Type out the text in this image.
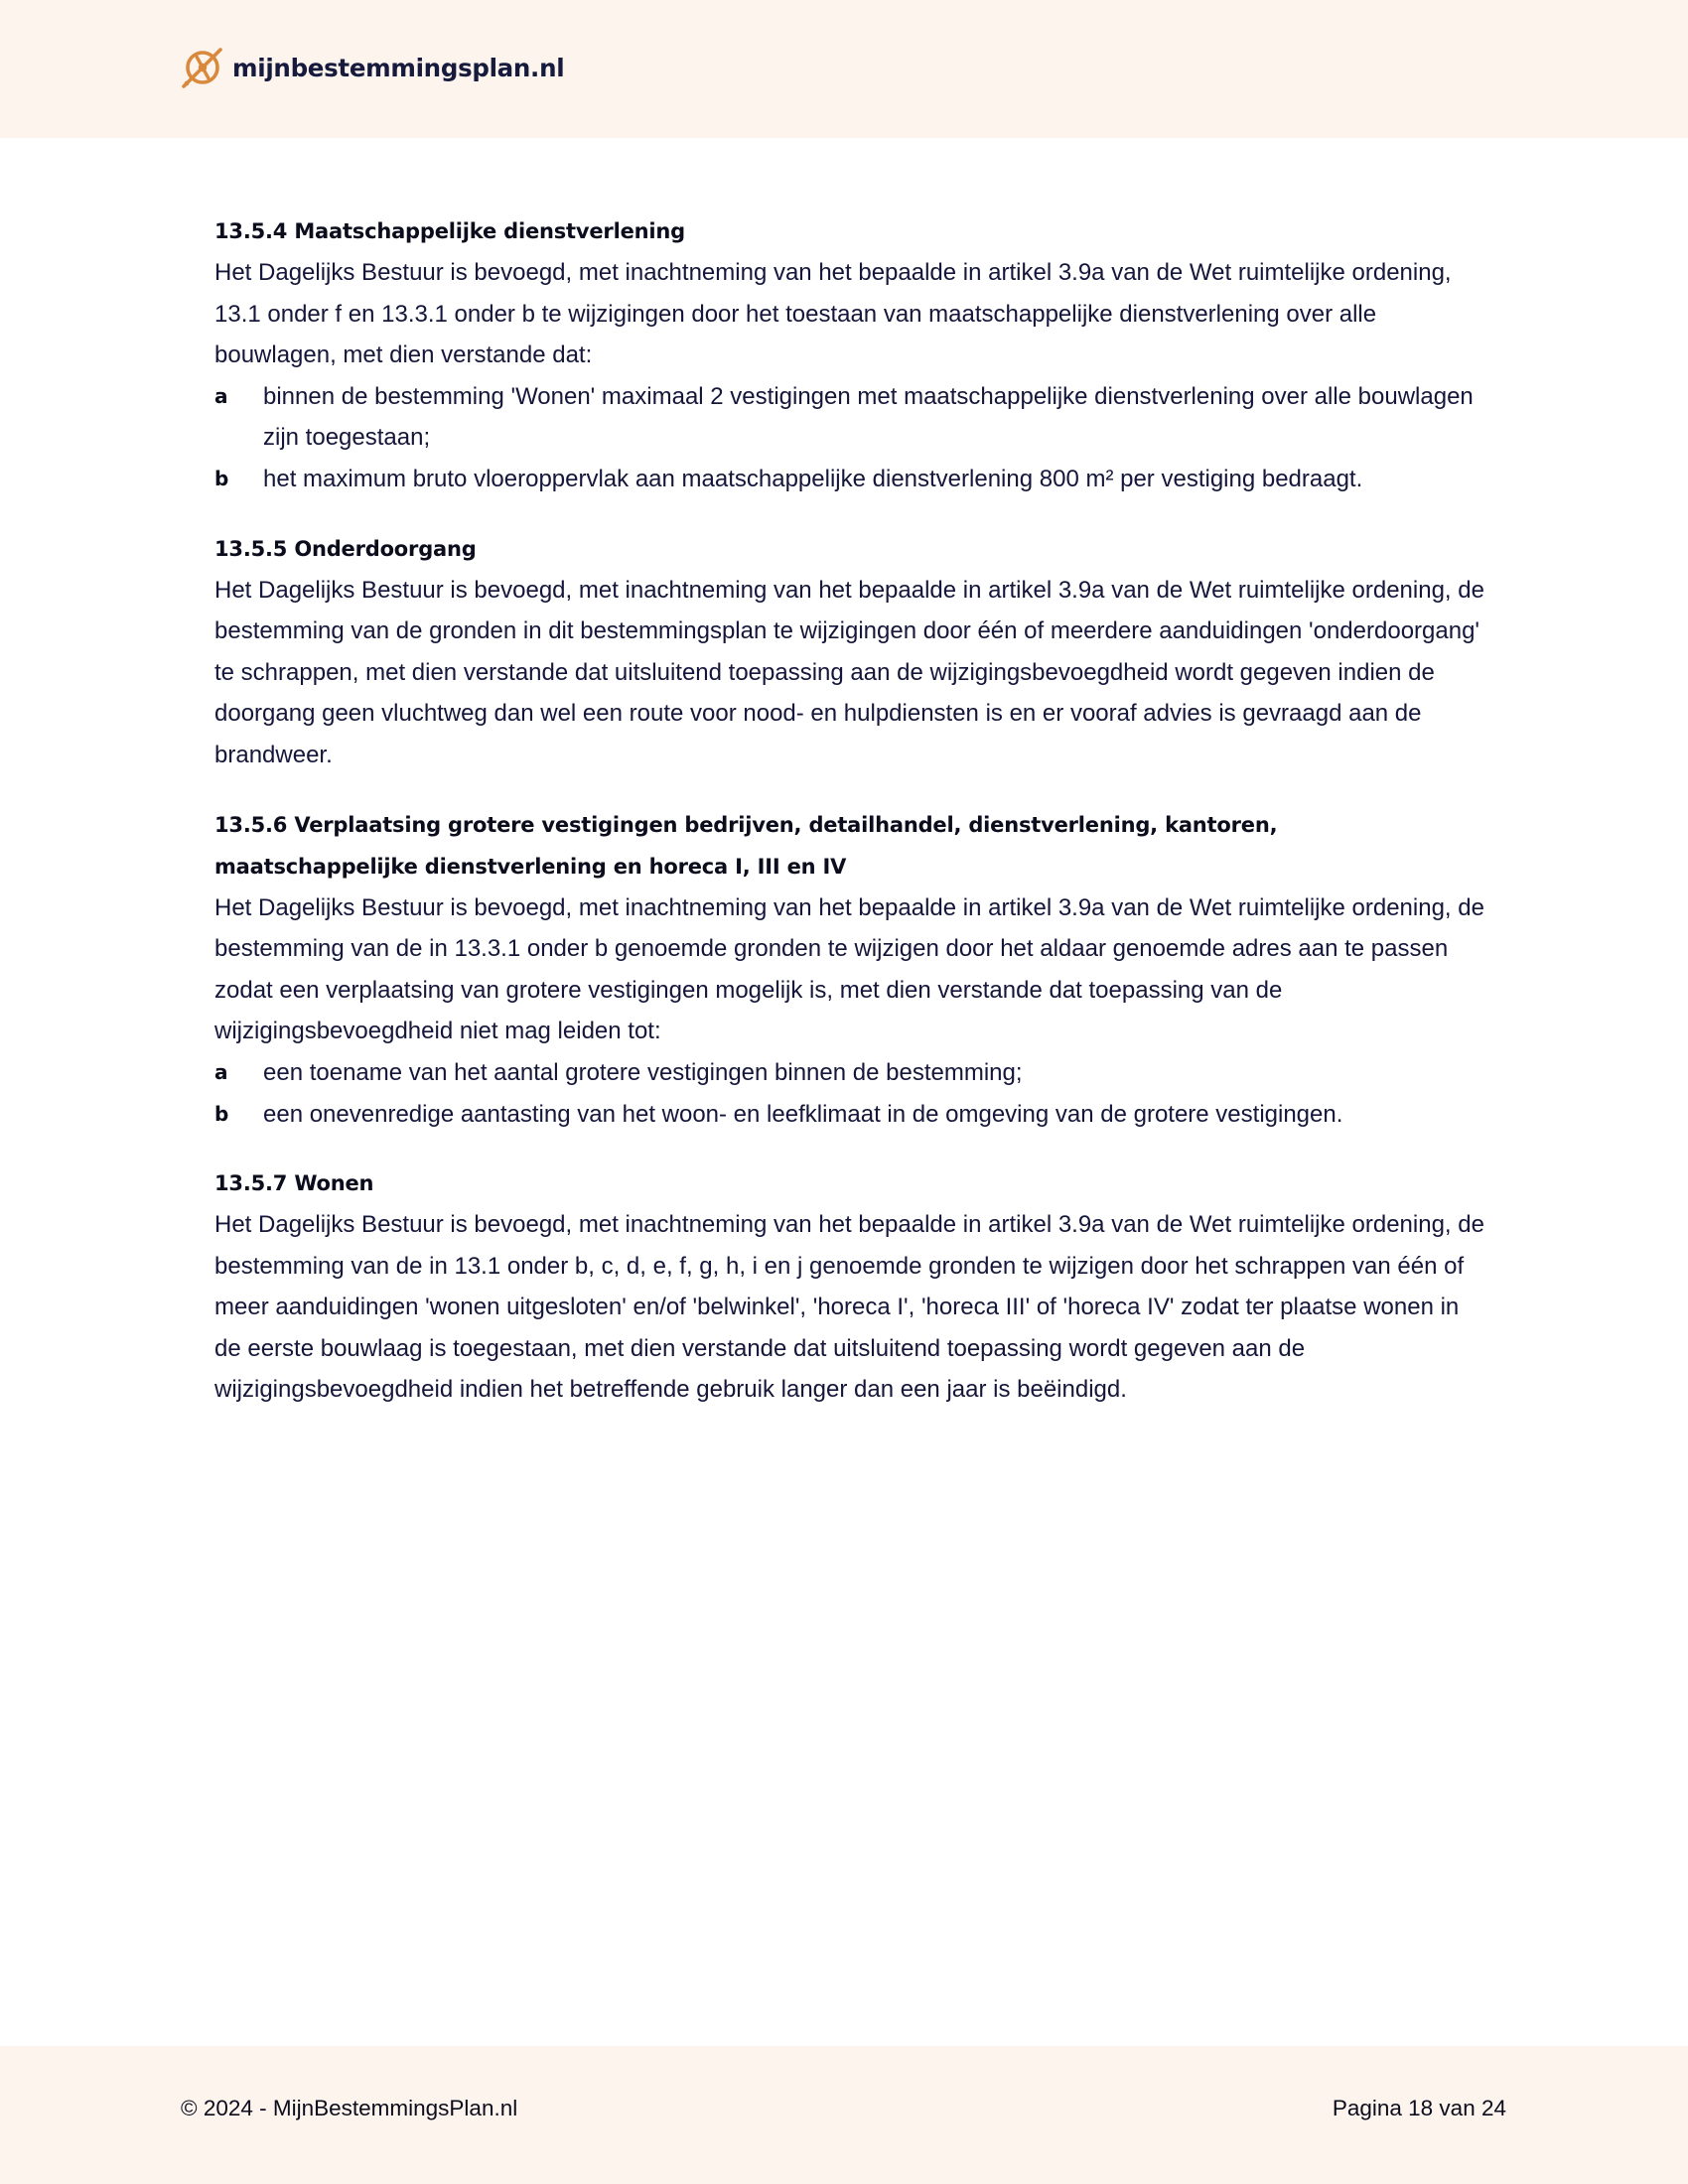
mijnbestemmingsplan.nl
13.5.4 Maatschappelijke dienstverlening

Het Dagelijks Bestuur is bevoegd, met inachtneming van het bepaalde in artikel 3.9a van de Wet ruimtelijke ordening, 13.1 onder f en 13.3.1 onder b te wijzigingen door het toestaan van maatschappelijke dienstverlening over alle bouwlagen, met dien verstande dat:

a	binnen de bestemming 'Wonen' maximaal 2 vestigingen met maatschappelijke dienstverlening over alle bouwlagen zijn toegestaan;
b	het maximum bruto vloeroppervlak aan maatschappelijke dienstverlening 800 m² per vestiging bedraagt.
13.5.5 Onderdoorgang

Het Dagelijks Bestuur is bevoegd, met inachtneming van het bepaalde in artikel 3.9a van de Wet ruimtelijke ordening, de bestemming van de gronden in dit bestemmingsplan te wijzigingen door één of meerdere aanduidingen 'onderdoorgang' te schrappen, met dien verstande dat uitsluitend toepassing aan de wijzigingsbevoegdheid wordt gegeven indien de doorgang geen vluchtweg dan wel een route voor nood- en hulpdiensten is en er vooraf advies is gevraagd aan de brandweer.

13.5.6 Verplaatsing grotere vestigingen bedrijven, detailhandel, dienstverlening, kantoren, maatschappelijke dienstverlening en horeca I, III en IV

Het Dagelijks Bestuur is bevoegd, met inachtneming van het bepaalde in artikel 3.9a van de Wet ruimtelijke ordening, de bestemming van de in 13.3.1 onder b genoemde gronden te wijzigen door het aldaar genoemde adres aan te passen zodat een verplaatsing van grotere vestigingen mogelijk is, met dien verstande dat toepassing van de wijzigingsbevoegdheid niet mag leiden tot:

a	een toename van het aantal grotere vestigingen binnen de bestemming;
b	een onevenredige aantasting van het woon- en leefklimaat in de omgeving van de grotere vestigingen.
13.5.7 Wonen

Het Dagelijks Bestuur is bevoegd, met inachtneming van het bepaalde in artikel 3.9a van de Wet ruimtelijke ordening, de bestemming van de in 13.1 onder b, c, d, e, f, g, h, i en j genoemde gronden te wijzigen door het schrappen van één of meer aanduidingen 'wonen uitgesloten' en/of 'belwinkel', 'horeca I', 'horeca III' of 'horeca IV' zodat ter plaatse wonen in de eerste bouwlaag is toegestaan, met dien verstande dat uitsluitend toepassing wordt gegeven aan de wijzigingsbevoegdheid indien het betreffende gebruik langer dan een jaar is beëindigd.

© 2024 - MijnBestemmingsPlan.nl	Pagina 18 van 24
